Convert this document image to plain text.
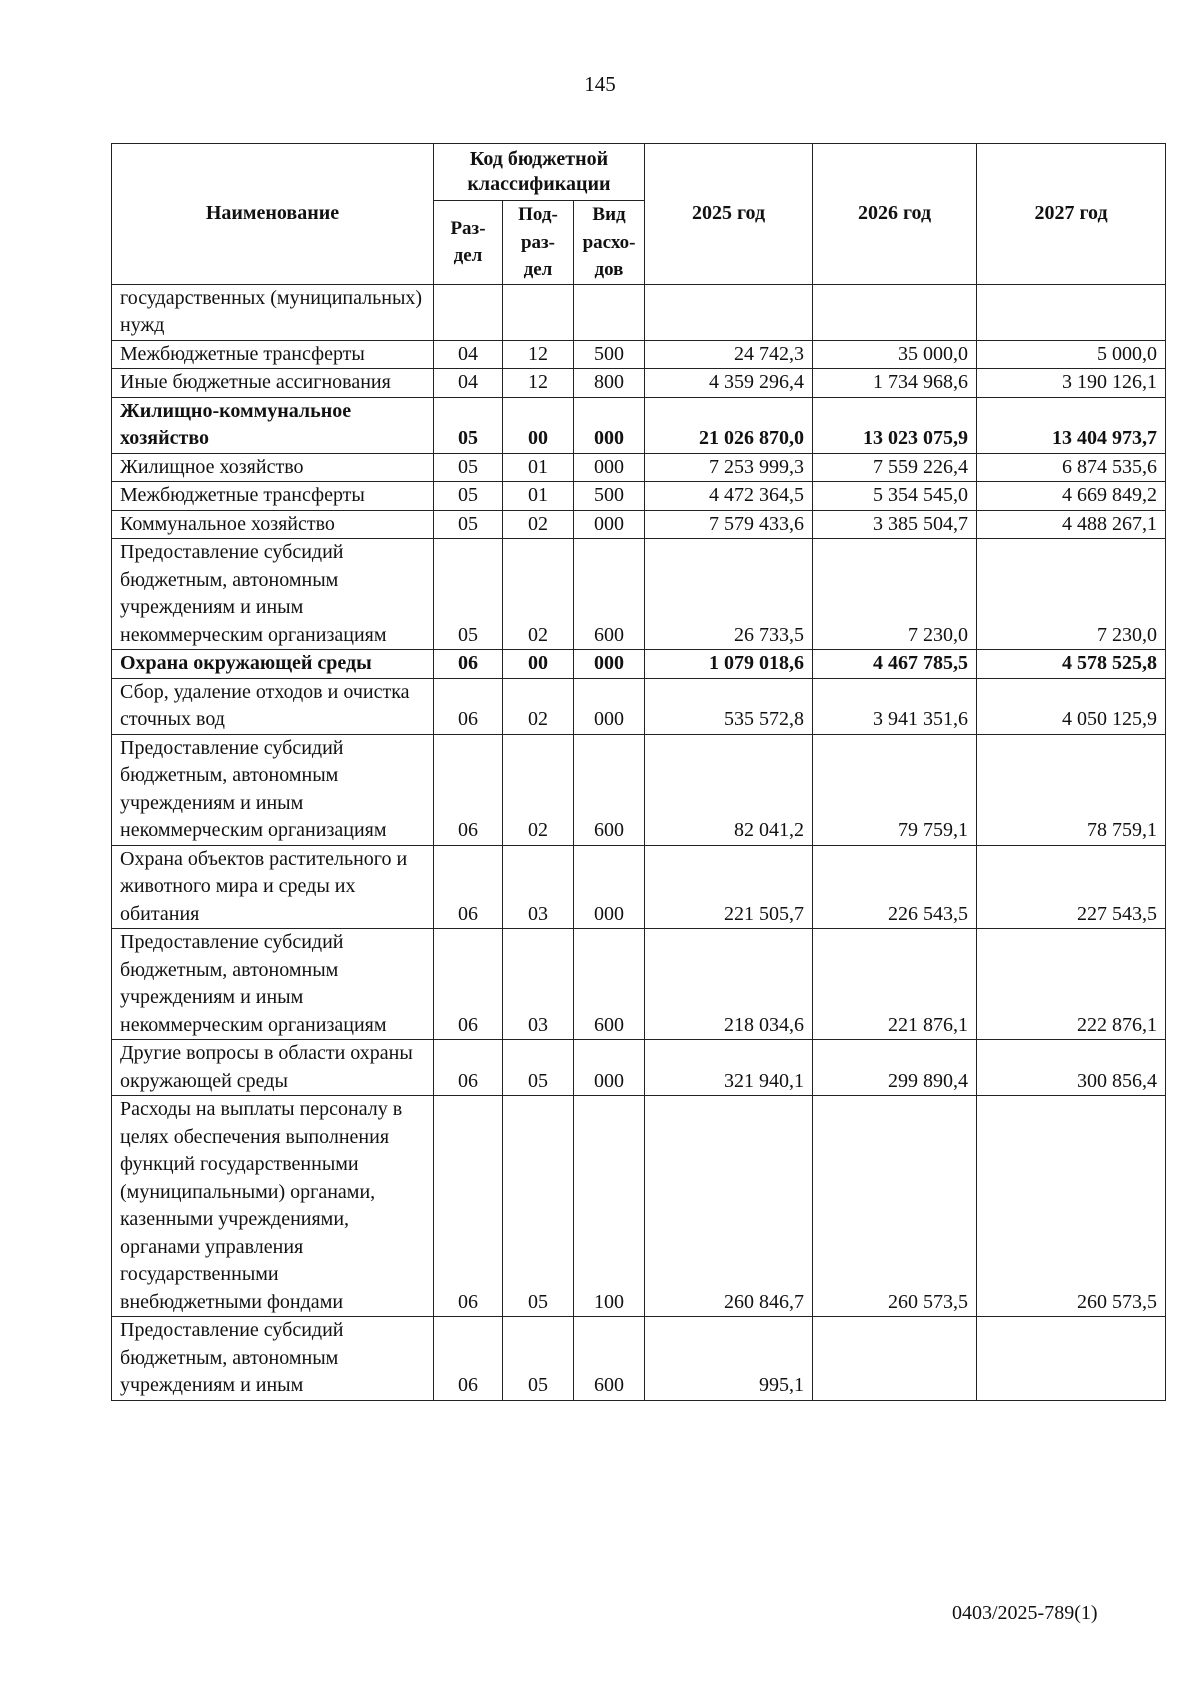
145
Наименование	Код бюджетной классификации			2025 год	2026 год	2027 год
	Раз-дел	Под-раз-дел	Вид расхо-дов			
государственных (муниципальных) нужд						
Межбюджетные трансферты	04	12	500	24 742,3	35 000,0	5 000,0
Иные бюджетные ассигнования	04	12	800	4 359 296,4	1 734 968,6	3 190 126,1
Жилищно-коммунальное хозяйство	05	00	000	21 026 870,0	13 023 075,9	13 404 973,7
Жилищное хозяйство	05	01	000	7 253 999,3	7 559 226,4	6 874 535,6
Межбюджетные трансферты	05	01	500	4 472 364,5	5 354 545,0	4 669 849,2
Коммунальное хозяйство	05	02	000	7 579 433,6	3 385 504,7	4 488 267,1
Предоставление субсидий бюджетным, автономным учреждениям и иным некоммерческим организациям	05	02	600	26 733,5	7 230,0	7 230,0
Охрана окружающей среды	06	00	000	1 079 018,6	4 467 785,5	4 578 525,8
Сбор, удаление отходов и очистка сточных вод	06	02	000	535 572,8	3 941 351,6	4 050 125,9
Предоставление субсидий бюджетным, автономным учреждениям и иным некоммерческим организациям	06	02	600	82 041,2	79 759,1	78 759,1
Охрана объектов растительного и животного мира и среды их обитания	06	03	000	221 505,7	226 543,5	227 543,5
Предоставление субсидий бюджетным, автономным учреждениям и иным некоммерческим организациям	06	03	600	218 034,6	221 876,1	222 876,1
Другие вопросы в области охраны окружающей среды	06	05	000	321 940,1	299 890,4	300 856,4
Расходы на выплаты персоналу в целях обеспечения выполнения функций государственными (муниципальными) органами, казенными учреждениями, органами управления государственными внебюджетными фондами	06	05	100	260 846,7	260 573,5	260 573,5
Предоставление субсидий бюджетным, автономным учреждениям и иным	06	05	600	995,1		
0403/2025-789(1)
